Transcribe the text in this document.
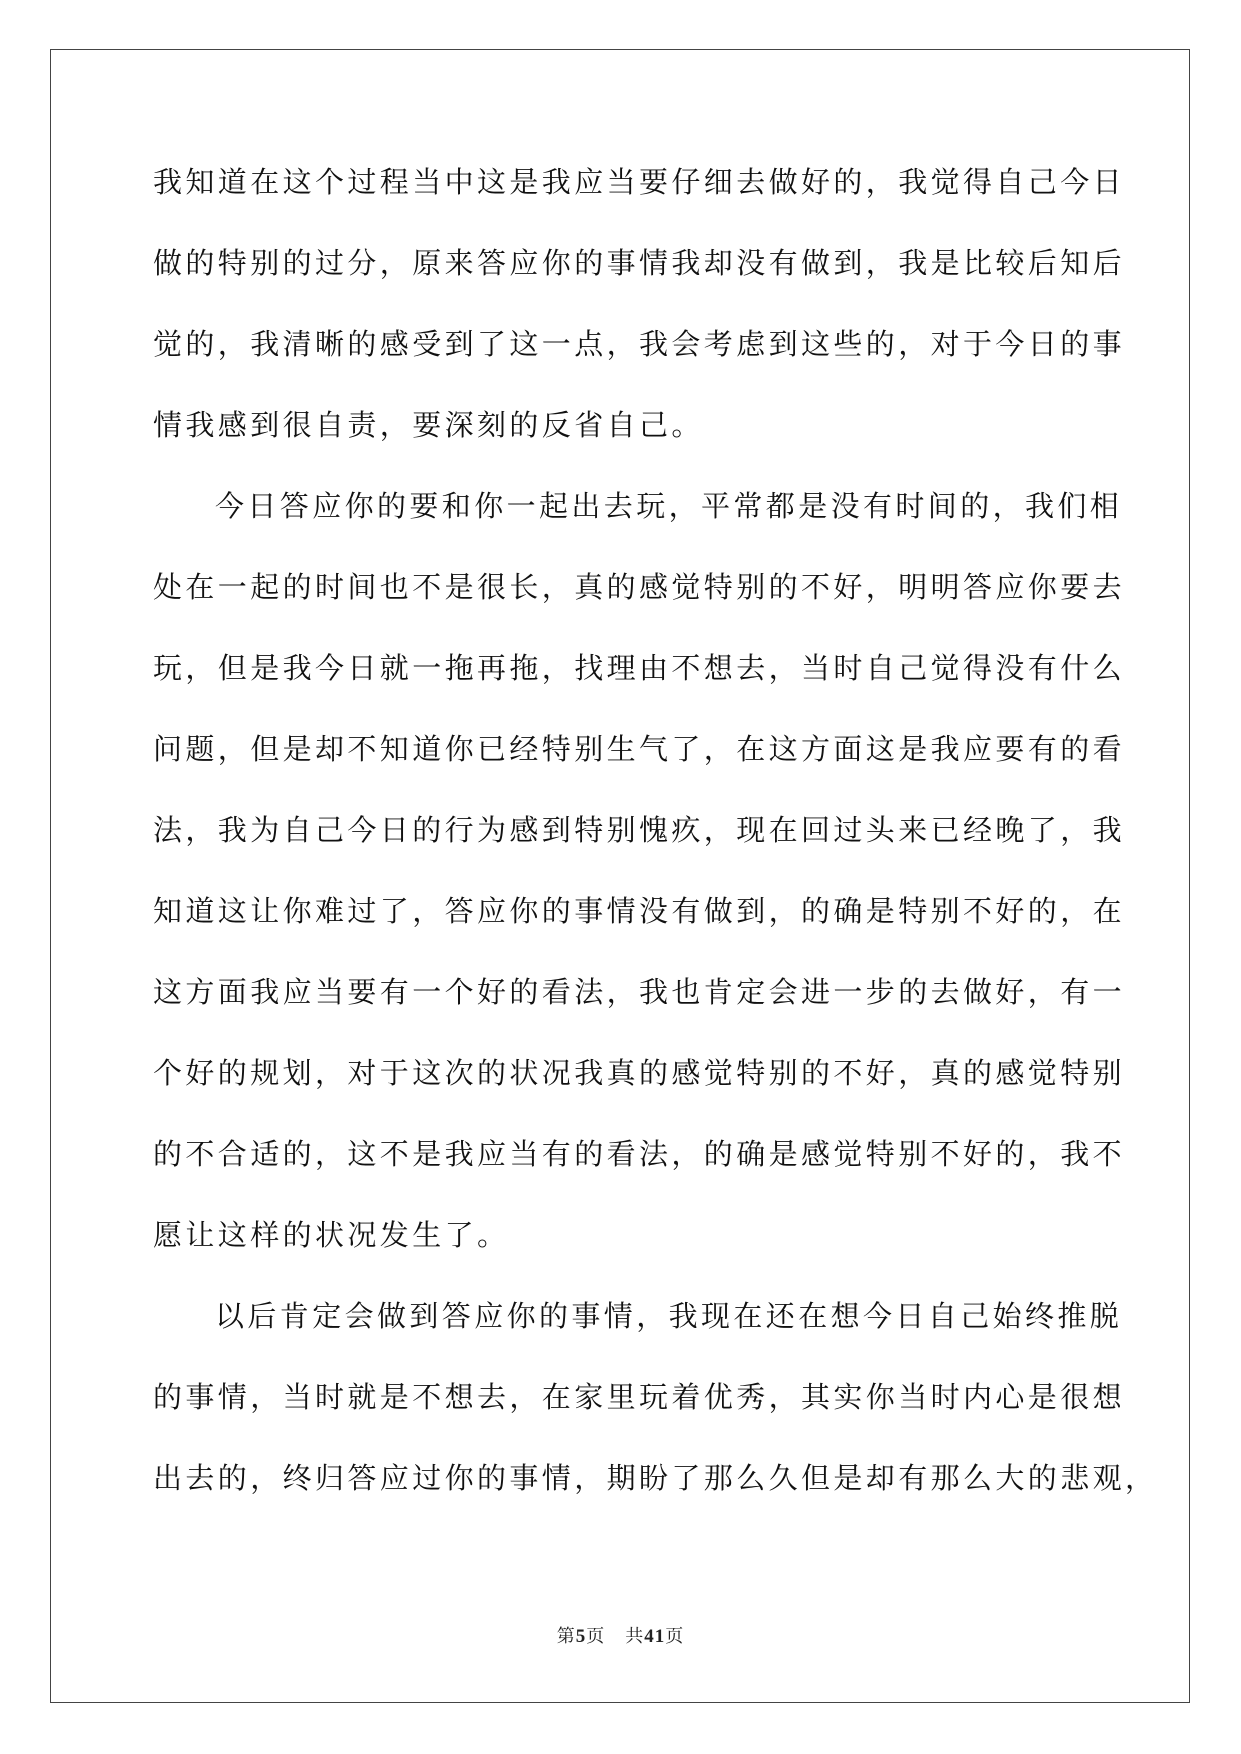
我知道在这个过程当中这是我应当要仔细去做好的，我觉得自己今日
做的特别的过分，原来答应你的事情我却没有做到，我是比较后知后
觉的，我清晰的感受到了这一点，我会考虑到这些的，对于今日的事
情我感到很自责，要深刻的反省自己。
今日答应你的要和你一起出去玩，平常都是没有时间的，我们相
处在一起的时间也不是很长，真的感觉特别的不好，明明答应你要去
玩，但是我今日就一拖再拖，找理由不想去，当时自己觉得没有什么
问题，但是却不知道你已经特别生气了，在这方面这是我应要有的看
法，我为自己今日的行为感到特别愧疚，现在回过头来已经晚了，我
知道这让你难过了，答应你的事情没有做到，的确是特别不好的，在
这方面我应当要有一个好的看法，我也肯定会进一步的去做好，有一
个好的规划，对于这次的状况我真的感觉特别的不好，真的感觉特别
的不合适的，这不是我应当有的看法，的确是感觉特别不好的，我不
愿让这样的状况发生了。
以后肯定会做到答应你的事情，我现在还在想今日自己始终推脱
的事情，当时就是不想去，在家里玩着优秀，其实你当时内心是很想
出去的，终归答应过你的事情，期盼了那么久但是却有那么大的悲观，
第5页 共41页
